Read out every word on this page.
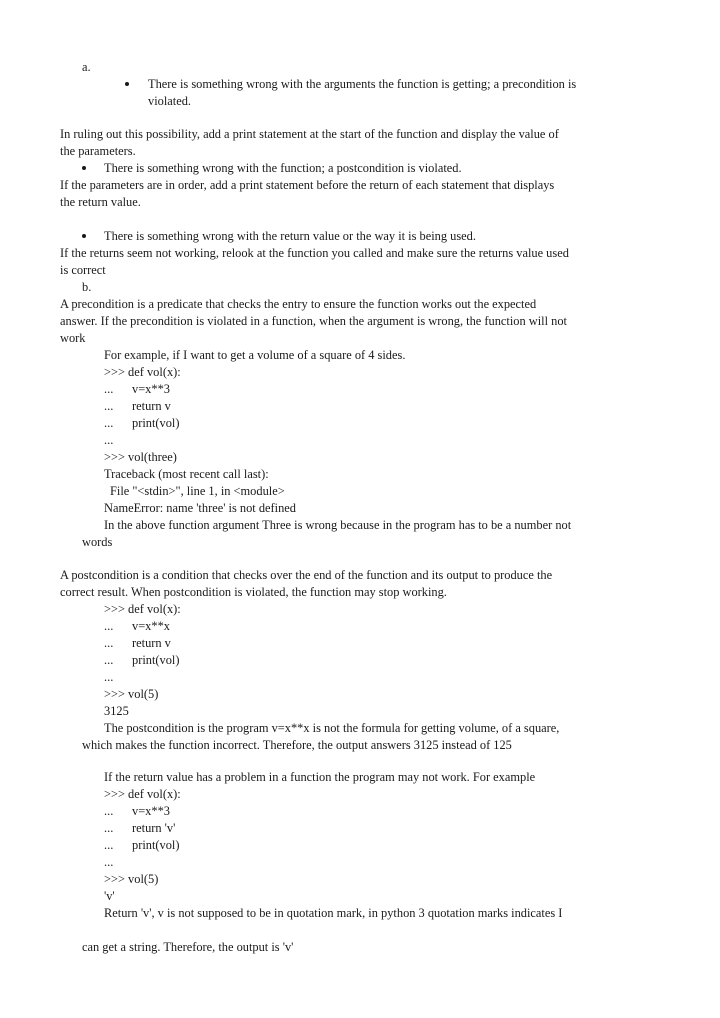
a.
There is something wrong with the arguments the function is getting; a precondition is
violated.
In ruling out this possibility, add a print statement at the start of the function and display the value of
the parameters.
There is something wrong with the function; a postcondition is violated.
If the parameters are in order, add a print statement before the return of each statement that displays
the return value.
There is something wrong with the return value or the way it is being used.
If the returns seem not working, relook at the function you called and make sure the returns value used
is correct
b.
A precondition is a predicate that checks the entry to ensure the function works out the expected
answer. If the precondition is violated in a function, when the argument is wrong, the function will not
work
For example, if I want to get a volume of a square of 4 sides.
>>> def vol(x):
... v=x**3
... return v
... print(vol)
...
>>> vol(three)
Traceback (most recent call last):
File "<stdin>", line 1, in <module>
NameError: name 'three' is not defined
In the above function argument Three is wrong because in the program has to be a number not
words
A postcondition is a condition that checks over the end of the function and its output to produce the
correct result. When postcondition is violated, the function may stop working.
>>> def vol(x):
... v=x**x
... return v
... print(vol)
...
>>> vol(5)
3125
The postcondition is the program v=x**x is not the formula for getting volume, of a square,
which makes the function incorrect. Therefore, the output answers 3125 instead of 125
If the return value has a problem in a function the program may not work. For example
>>> def vol(x):
... v=x**3
... return 'v'
... print(vol)
...
>>> vol(5)
'v'
Return 'v', v is not supposed to be in quotation mark, in python 3 quotation marks indicates I
can get a string. Therefore, the output is 'v'
